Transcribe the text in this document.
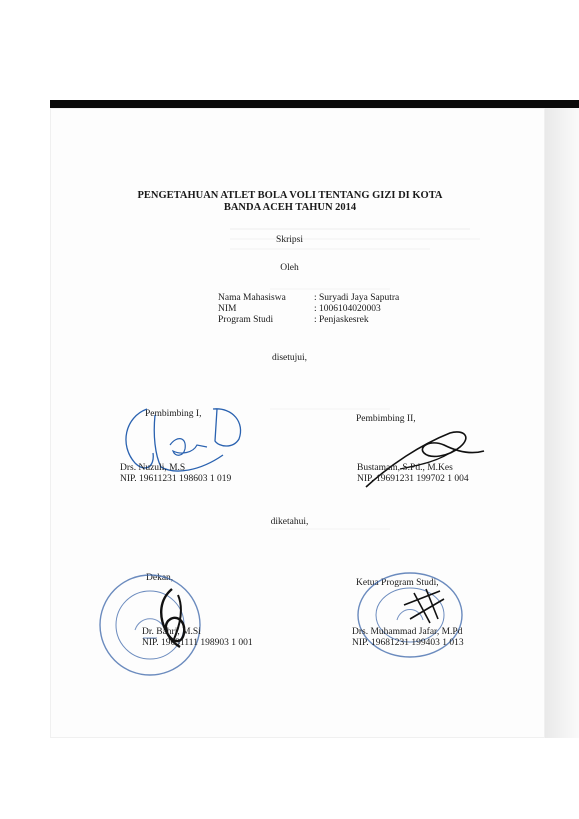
PENGETAHUAN ATLET BOLA VOLI TENTANG GIZI DI KOTA
BANDA ACEH TAHUN 2014
Skripsi
Oleh
Nama Mahasiswa	: Suryadi Jaya Saputra
NIM	: 1006104020003
Program Studi	: Penjaskesrek
disetujui,
Pembimbing I,
Drs. Nuzuli, M.S
NIP. 19611231 198603 1 019
Pembimbing II,
Bustamam, S.Pd., M.Kes
NIP. 19691231 199702 1 004
diketahui,
Dekan,
Dr. Bahri, M.Si
NIP. 19631111 198903 1 001
Ketua Program Studi,
Drs. Muhammad Jafar, M.Pd
NIP. 19681231 199403 1 013
